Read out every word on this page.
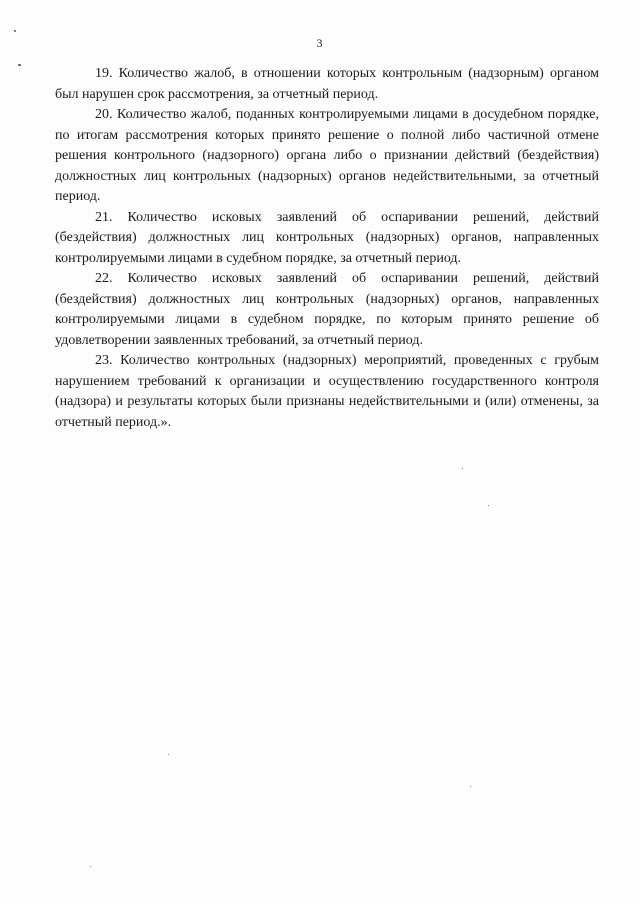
3

19. Количество жалоб, в отношении которых контрольным (надзорным) органом был нарушен срок рассмотрения, за отчетный период.

20. Количество жалоб, поданных контролируемыми лицами в досудебном порядке, по итогам рассмотрения которых принято решение о полной либо частичной отмене решения контрольного (надзорного) органа либо о признании действий (бездействия) должностных лиц контрольных (надзорных) органов недействительными, за отчетный период.

21. Количество исковых заявлений об оспаривании решений, действий (бездействия) должностных лиц контрольных (надзорных) органов, направленных контролируемыми лицами в судебном порядке, за отчетный период.

22. Количество исковых заявлений об оспаривании решений, действий (бездействия) должностных лиц контрольных (надзорных) органов, направленных контролируемыми лицами в судебном порядке, по которым принято решение об удовлетворении заявленных требований, за отчетный период.

23. Количество контрольных (надзорных) мероприятий, проведенных с грубым нарушением требований к организации и осуществлению государственного контроля (надзора) и результаты которых были признаны недействительными и (или) отменены, за отчетный период.».
